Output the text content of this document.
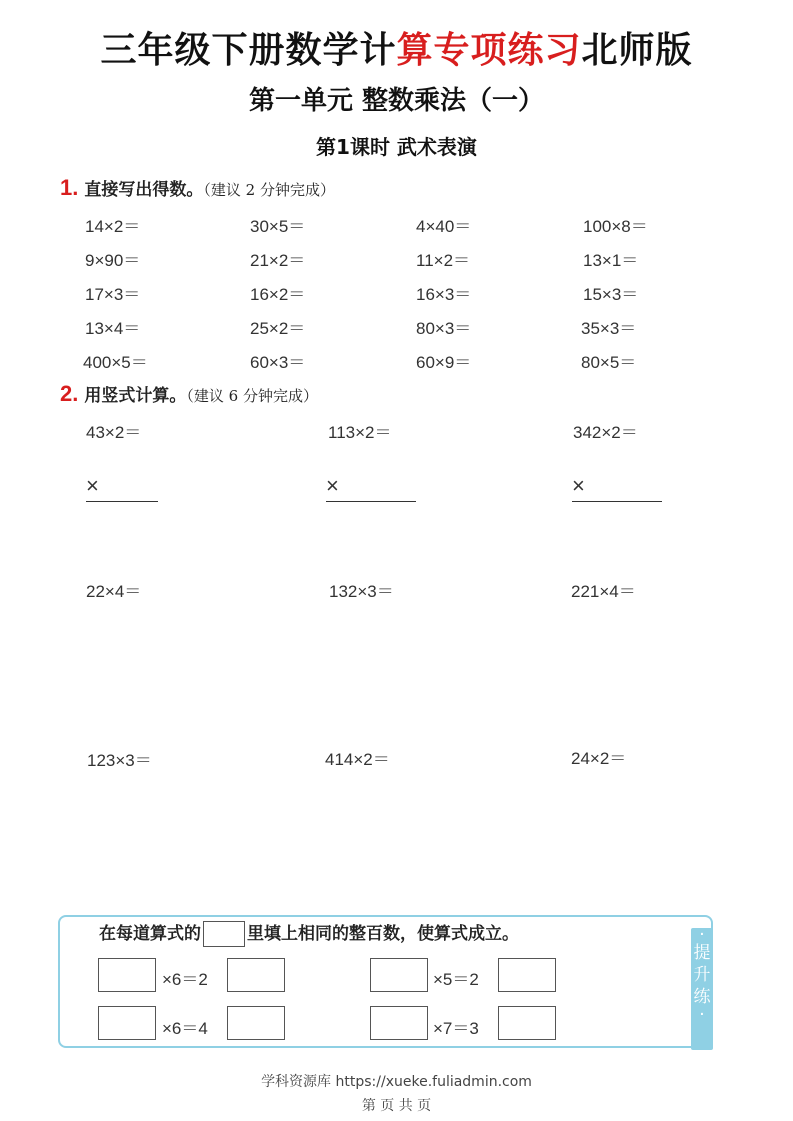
三年级下册数学计算专项练习北师版
第一单元 整数乘法（一）
第1课时 武术表演
1. 直接写出得数。（建议 2 分钟完成）
14×2＝	30×5＝	4×40＝	100×8＝
9×90＝	21×2＝	11×2＝	13×1＝
17×3＝	16×2＝	16×3＝	15×3＝
13×4＝	25×2＝	80×3＝	35×3＝
400×5＝	60×3＝	60×9＝	80×5＝
2. 用竖式计算。（建议 6 分钟完成）
43×2＝	113×2＝	342×2＝
×	×	×
22×4＝	132×3＝	221×4＝
123×3＝	414×2＝	24×2＝
在每道算式的	里填上相同的整百数，使算式成立。
×6＝2	×5＝2
×6＝4	×7＝3
·
提
升
练
·
学科资源库 https://xueke.fuliadmin.com
第 页 共 页
